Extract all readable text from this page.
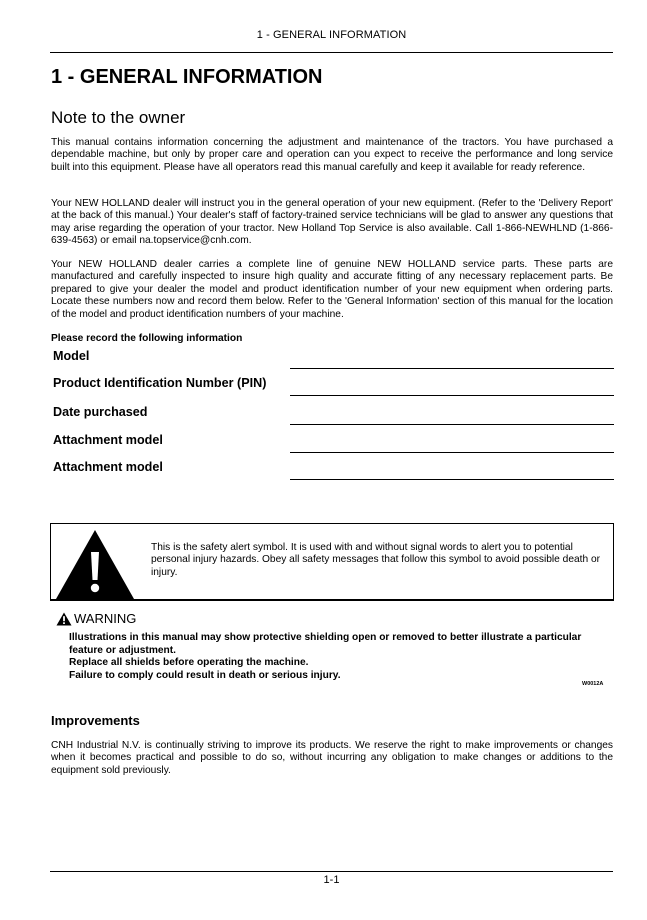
1 - GENERAL INFORMATION
1 - GENERAL INFORMATION
Note to the owner

This manual contains information concerning the adjustment and maintenance of the tractors. You have purchased a dependable machine, but only by proper care and operation can you expect to receive the performance and long service built into this equipment. Please have all operators read this manual carefully and keep it available for ready reference.

Your NEW HOLLAND dealer will instruct you in the general operation of your new equipment. (Refer to the 'Delivery Report' at the back of this manual.) Your dealer's staff of factory-trained service technicians will be glad to answer any questions that may arise regarding the operation of your tractor. New Holland Top Service is also available. Call 1-866-NEWHLND (1-866-639-4563) or email na.topservice@cnh.com.

Your NEW HOLLAND dealer carries a complete line of genuine NEW HOLLAND service parts. These parts are manufactured and carefully inspected to insure high quality and accurate fitting of any necessary replacement parts. Be prepared to give your dealer the model and product identification number of your new equipment when ordering parts. Locate these numbers now and record them below. Refer to the 'General Information' section of this manual for the location of the model and product identification numbers of your machine.

Please record the following information
Model
Product Identification Number (PIN)
Date purchased
Attachment model
Attachment model

This is the safety alert symbol. It is used with and without signal words to alert you to potential personal injury hazards. Obey all safety messages that follow this symbol to avoid possible death or injury.

WARNING
Illustrations in this manual may show protective shielding open or removed to better illustrate a particular feature or adjustment.
Replace all shields before operating the machine.
Failure to comply could result in death or serious injury.
W0012A
Improvements

CNH Industrial N.V. is continually striving to improve its products. We reserve the right to make improvements or changes when it becomes practical and possible to do so, without incurring any obligation to make changes or additions to the equipment sold previously.

1-1
